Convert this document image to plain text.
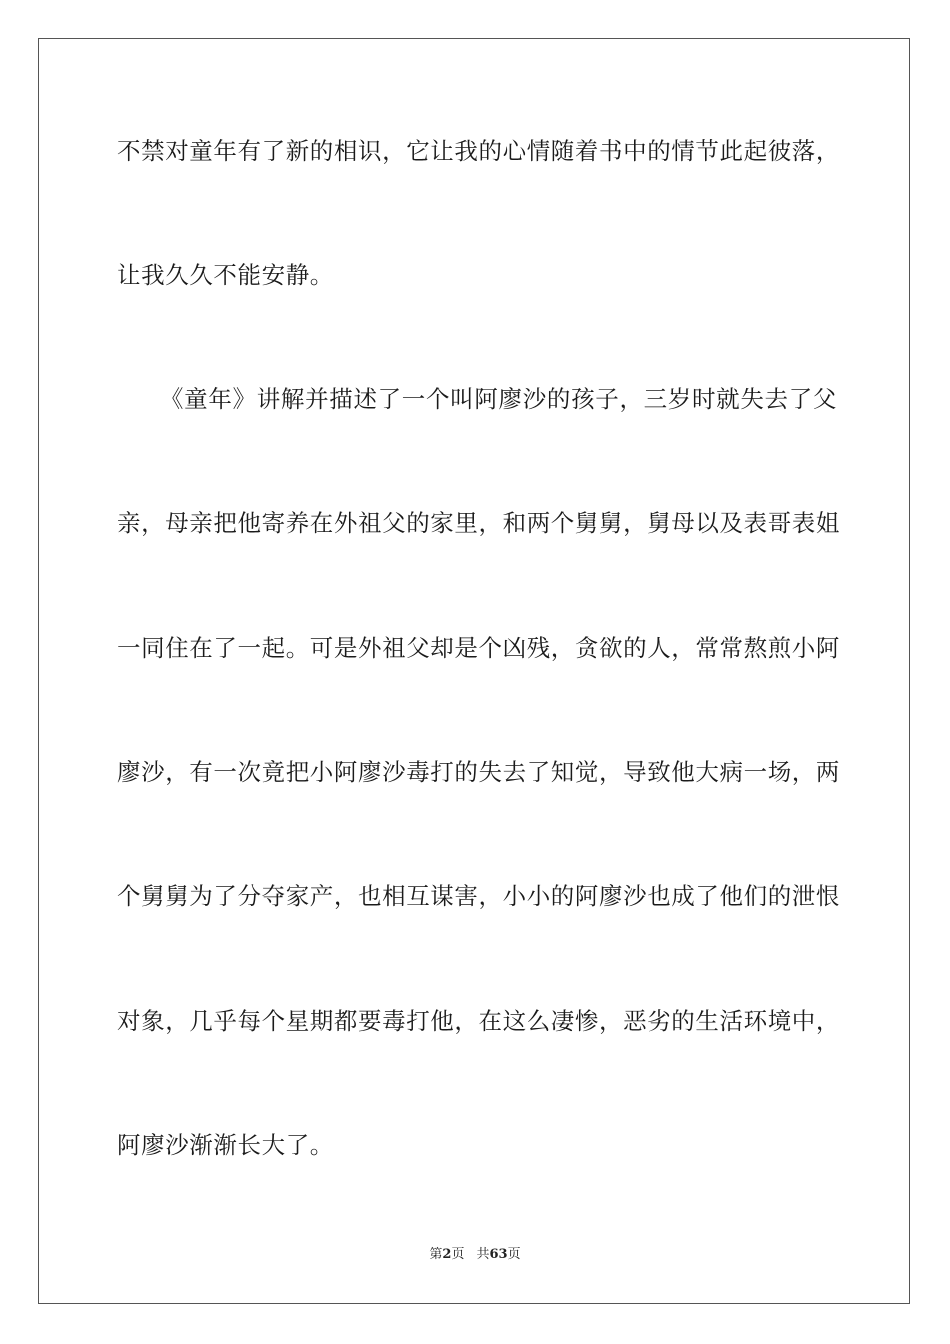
不禁对童年有了新的相识，它让我的心情随着书中的情节此起彼落，
让我久久不能安静。
《童年》讲解并描述了一个叫阿廖沙的孩子，三岁时就失去了父
亲，母亲把他寄养在外祖父的家里，和两个舅舅，舅母以及表哥表姐
一同住在了一起。可是外祖父却是个凶残，贪欲的人，常常熬煎小阿
廖沙，有一次竟把小阿廖沙毒打的失去了知觉，导致他大病一场，两
个舅舅为了分夺家产，也相互谋害，小小的阿廖沙也成了他们的泄恨
对象，几乎每个星期都要毒打他，在这么凄惨，恶劣的生活环境中，
阿廖沙渐渐长大了。
第2页 共63页
